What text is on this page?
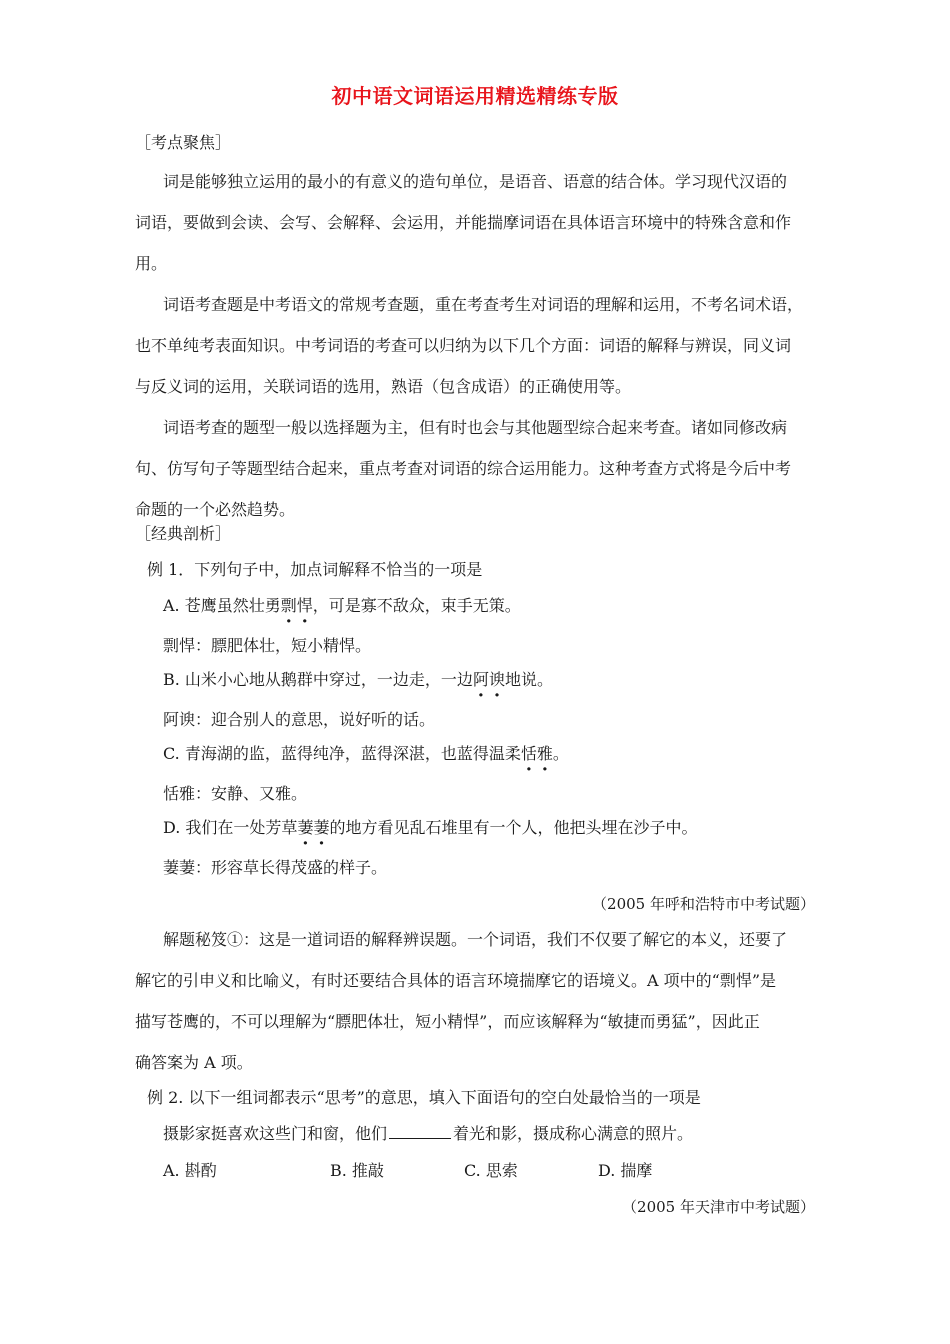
初中语文词语运用精选精练专版
［考点聚焦］
词是能够独立运用的最小的有意义的造句单位，是语音、语意的结合体。学习现代汉语的
词语，要做到会读、会写、会解释、会运用，并能揣摩词语在具体语言环境中的特殊含意和作
用。
词语考查题是中考语文的常规考查题，重在考查考生对词语的理解和运用，不考名词术语，
也不单纯考表面知识。中考词语的考查可以归纳为以下几个方面：词语的解释与辨误，同义词
与反义词的运用，关联词语的选用，熟语（包含成语）的正确使用等。
词语考查的题型一般以选择题为主，但有时也会与其他题型综合起来考查。诸如同修改病
句、仿写句子等题型结合起来，重点考查对词语的综合运用能力。这种考查方式将是今后中考
命题的一个必然趋势。
［经典剖析］
例 1．下列句子中，加点词解释不恰当的一项是
A. 苍鹰虽然壮勇剽悍，可是寡不敌众，束手无策。
剽悍：膘肥体壮，短小精悍。
B. 山米小心地从鹅群中穿过，一边走，一边阿谀地说。
阿谀：迎合别人的意思，说好听的话。
C. 青海湖的监，蓝得纯净，蓝得深湛，也蓝得温柔恬雅。
恬雅：安静、又雅。
D. 我们在一处芳草萋萋的地方看见乱石堆里有一个人，他把头埋在沙子中。
萋萋：形容草长得茂盛的样子。
（2005 年呼和浩特市中考试题）
解题秘笈①：这是一道词语的解释辨误题。一个词语，我们不仅要了解它的本义，还要了
解它的引申义和比喻义，有时还要结合具体的语言环境揣摩它的语境义。A 项中的“剽悍”是
描写苍鹰的，不可以理解为“膘肥体壮，短小精悍”，而应该解释为“敏捷而勇猛”，因此正
确答案为 A 项。
例 2. 以下一组词都表示“思考”的意思，填入下面语句的空白处最恰当的一项是
摄影家挺喜欢这些门和窗，他们	着光和影，摄成称心满意的照片。
A. 斟酌	B. 推敲	C. 思索	D. 揣摩
（2005 年天津市中考试题）
